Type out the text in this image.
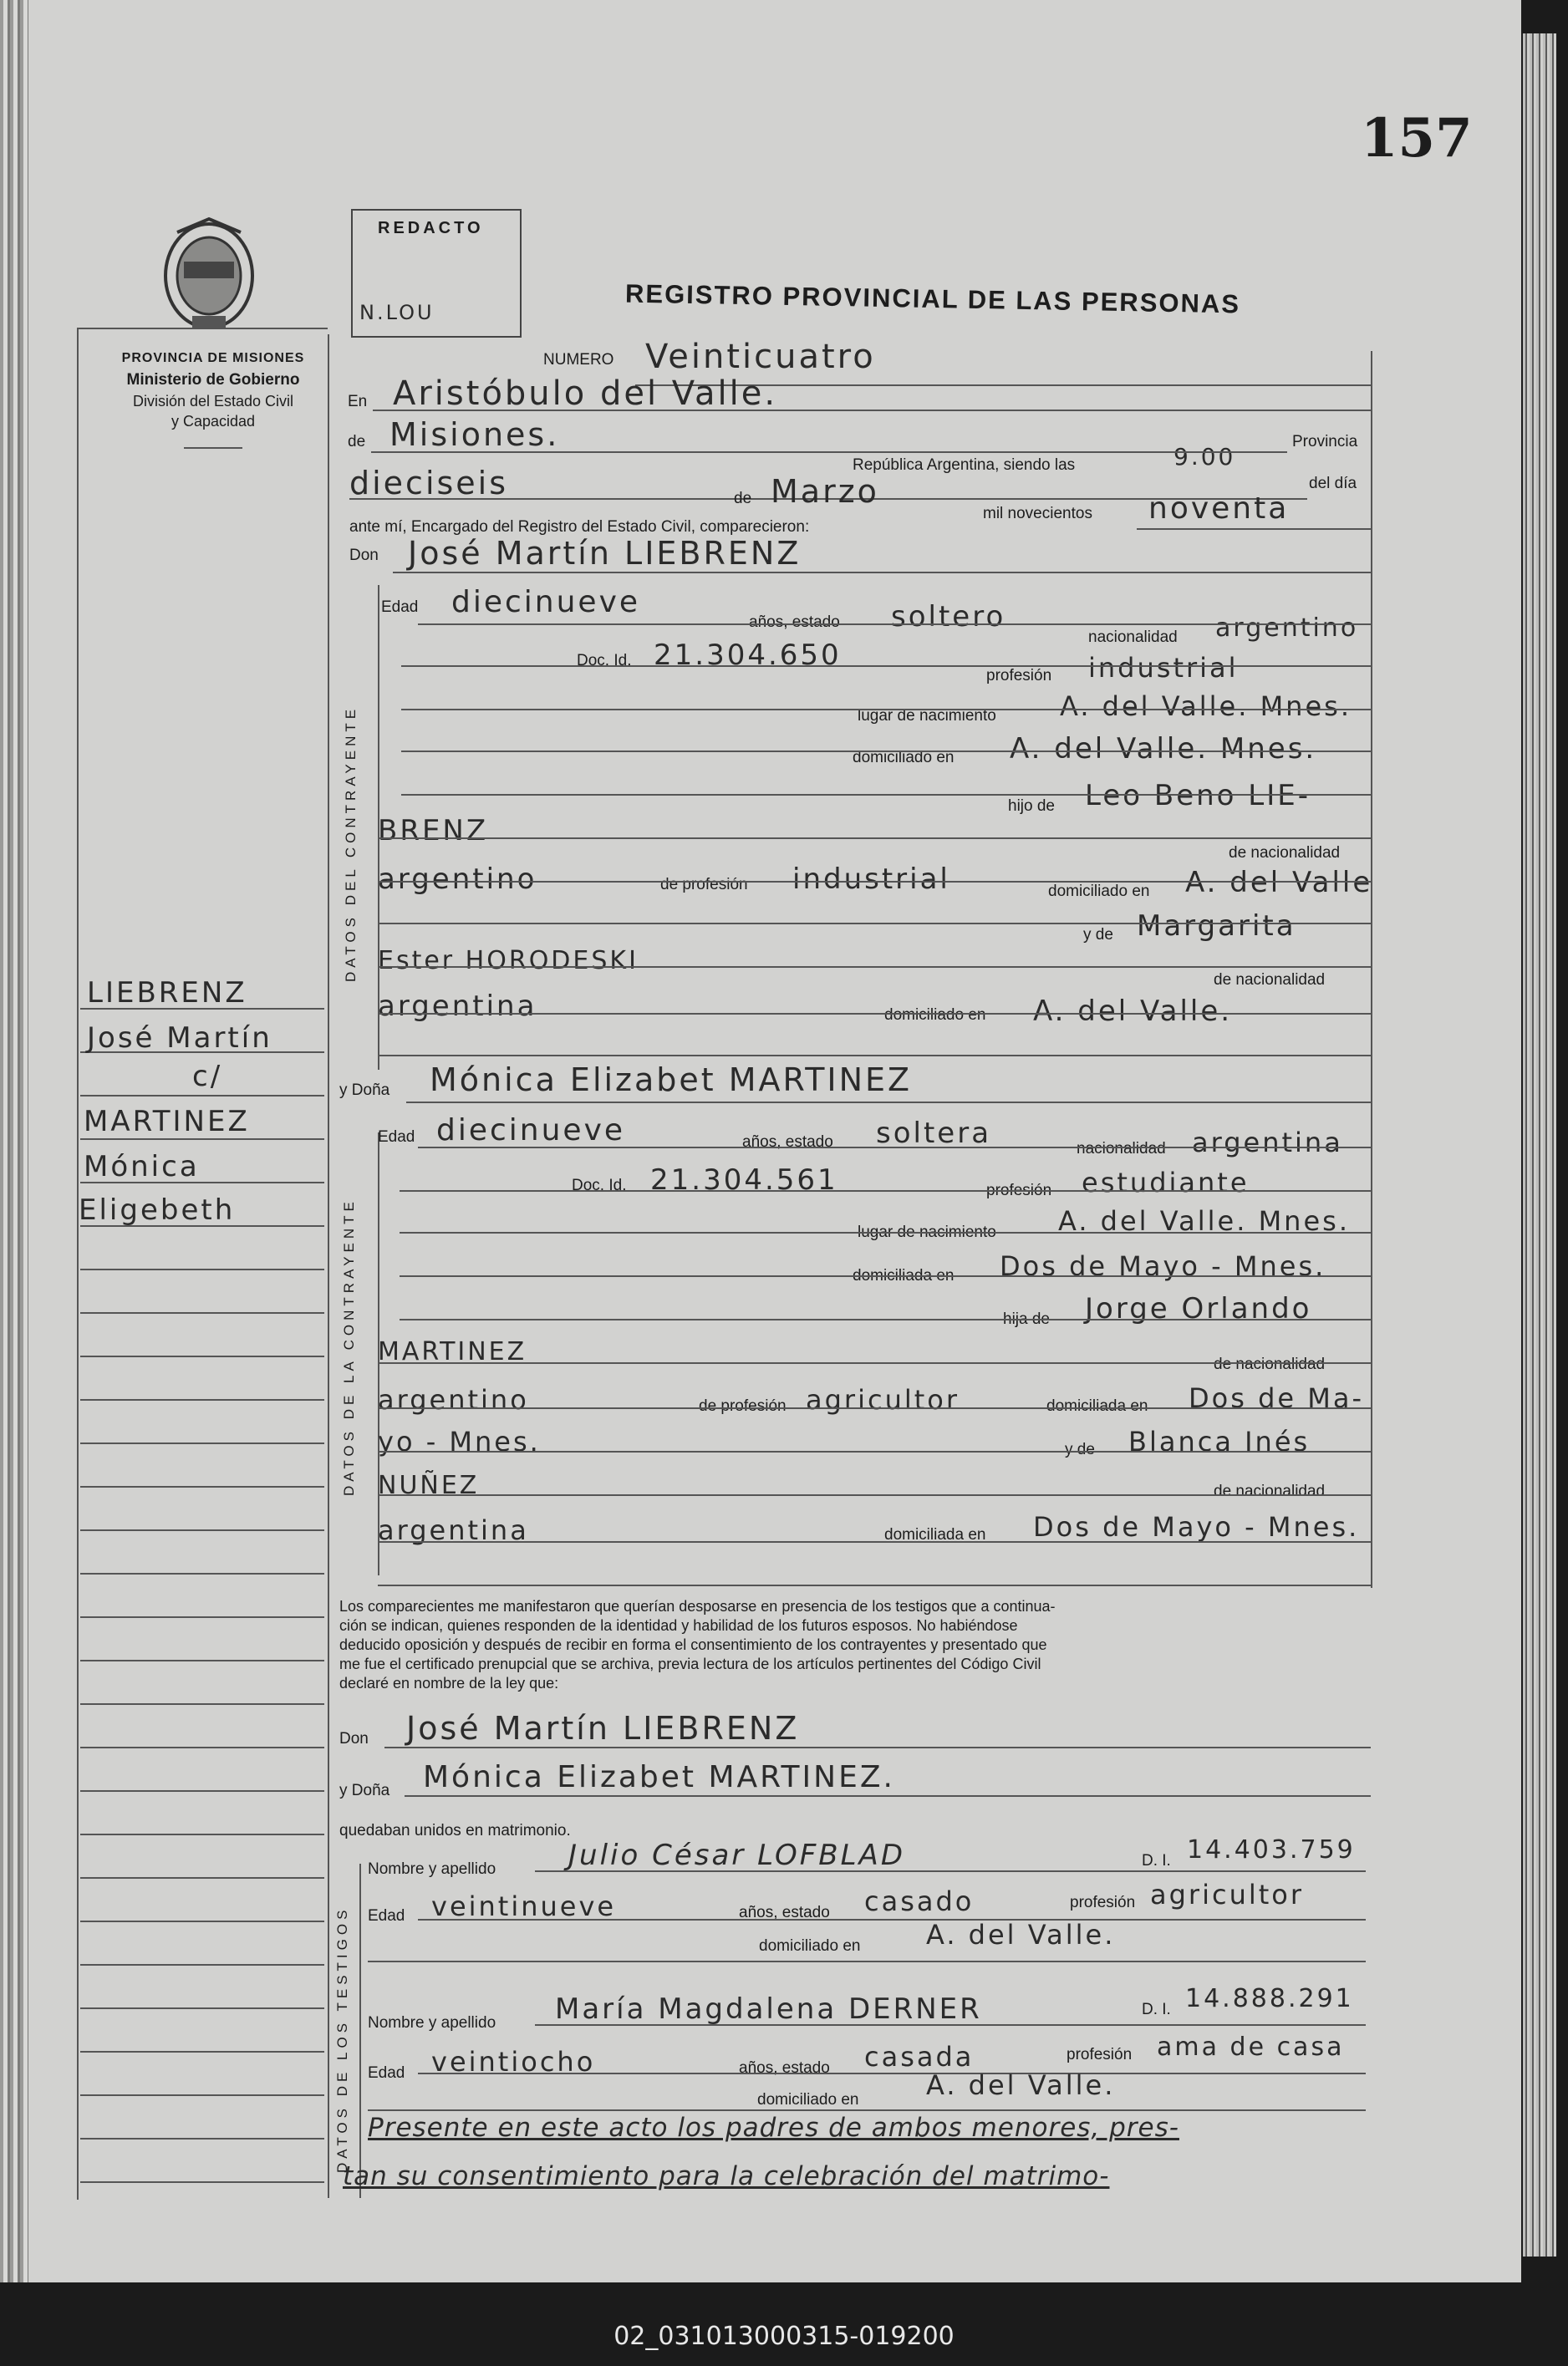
157
REDACTO
N.LOU
PROVINCIA DE MISIONES
Ministerio de Gobierno
División del Estado Civil
y Capacidad
REGISTRO PROVINCIAL DE LAS PERSONAS
LIEBRENZ
José Martín
c/
MARTINEZ
Mónica
Eligebeth
NUMERO Veinticuatro
En Aristóbulo del Valle.
de Misiones.
República Argentina, siendo las	9.00
Provincia
del día
dieciseis	de Marzo
mil novecientos noventa
ante mí, Encargado del Registro del Estado Civil, comparecieron:
Don José Martín LIEBRENZ
DATOS DEL CONTRAYENTE
Edad diecinueve
años, estado soltero
nacionalidad argentino
Doc. Id. 21.304.650
profesión industrial
lugar de nacimiento A. del Valle. Mnes.
domiciliado en A. del Valle. Mnes.
hijo de Leo Beno LIE-
BRENZ
de nacionalidad
argentino	de profesión industrial	domiciliado en A. del Valle
y de Margarita
Ester HORODESKI
de nacionalidad
argentina	domiciliado en A. del Valle.
y Doña Mónica Elizabet MARTINEZ
DATOS DE LA CONTRAYENTE
Edad diecinueve	años, estado soltera	nacionalidad argentina
Doc. Id. 21.304.561	profesión estudiante
lugar de nacimiento A. del Valle. Mnes.
domiciliada en Dos de Mayo - Mnes.
hija de Jorge Orlando
MARTINEZ	de nacionalidad
argentino	de profesión agricultor	domiciliada en Dos de Ma-
yo - Mnes.	y de Blanca Inés
NUÑEZ	de nacionalidad
argentina	domiciliada en Dos de Mayo - Mnes.
Los comparecientes me manifestaron que querían desposarse en presencia de los testigos que a continua-
ción se indican, quienes responden de la identidad y habilidad de los futuros esposos. No habiéndose
deducido oposición y después de recibir en forma el consentimiento de los contrayentes y presentado que
me fue el certificado prenupcial que se archiva, previa lectura de los artículos pertinentes del Código Civil
declaré en nombre de la ley que:
Don José Martín LIEBRENZ
y Doña Mónica Elizabet MARTINEZ.
quedaban unidos en matrimonio.
DATOS DE LOS TESTIGOS
Nombre y apellido	Julio César LOFBLAD	D. I. 14.403.759
Edad veintinueve	años, estado casado	profesión agricultor
domiciliado en A. del Valle.
Nombre y apellido María Magdalena DERNER	D. I. 14.888.291
Edad veintiocho	años, estado casada	profesión ama de casa
domiciliado en	A. del Valle.
Presente en este acto los padres de ambos menores, pres-
tan su consentimiento para la celebración del matrimo-
02_031013000315-019200
